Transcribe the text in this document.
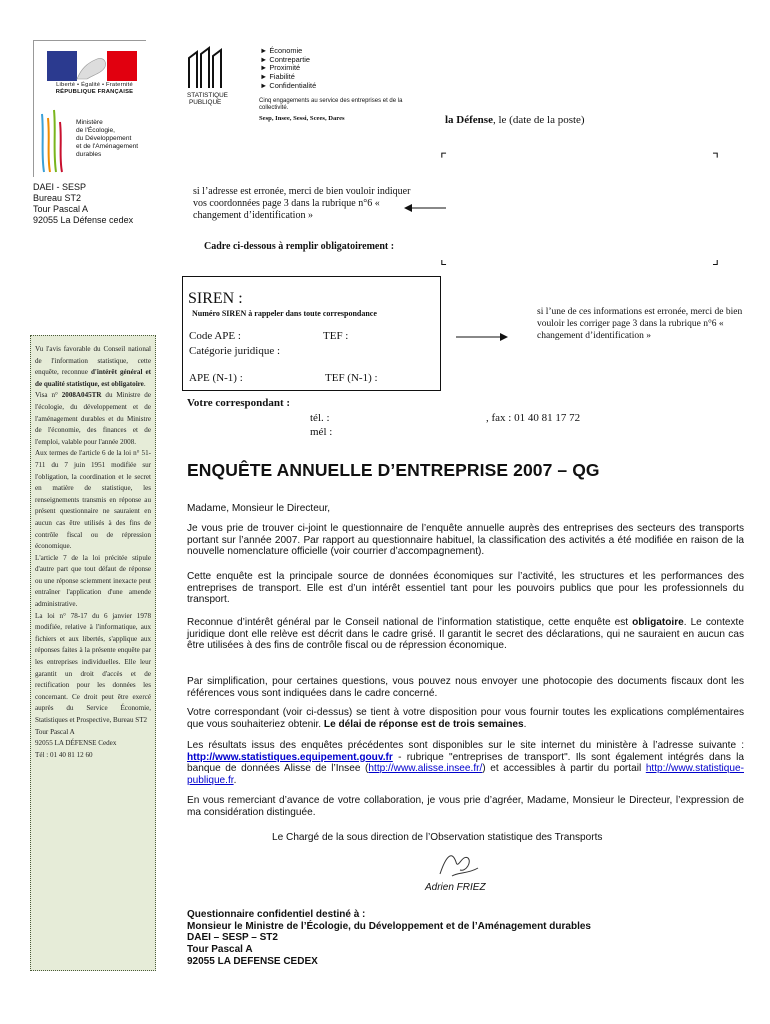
Liberté • Égalité • Fraternité
RÉPUBLIQUE FRANÇAISE
Ministère
de l'Écologie,
du Développement
et de l'Aménagement
durables
DAEI - SESP
Bureau ST2
Tour Pascal A
92055 La Défense cedex
STATISTIQUE
PUBLIQUE
► Économie
► Contrepartie
► Proximité
► Fiabilité
► Confidentialité
Cinq engagements au service des entreprises et de la collectivité.
Sesp, Insee, Sessi, Scees, Dares	la Défense, le (date de la poste)
⌜	⌝
⌞	⌟
si l’adresse est erronée, merci de bien vouloir indiquer vos coordonnées page 3 dans la rubrique n°6 « changement d’identification »
Cadre ci-dessous à remplir obligatoirement :
SIREN :
Numéro SIREN à rappeler dans toute correspondance
Code APE :	TEF :
Catégorie juridique :
APE (N-1) :	TEF (N-1) :
si l’une de ces informations est erronée, merci de bien vouloir les corriger page 3 dans la rubrique n°6 « changement d’identification »
Votre correspondant :
tél. :
mél :
, fax : 01 40 81 17 72

Vu l'avis favorable du Conseil national de l'information statistique, cette enquête, reconnue d'intérêt général et de qualité statistique, est obligatoire.

Visa n° 2008A045TR du Ministre de l'écologie, du développement et de l'aménagement durables et du Ministre de l'économie, des finances et de l'emploi, valable pour l'année 2008.

Aux termes de l'article 6 de la loi n° 51-711 du 7 juin 1951 modifiée sur l'obligation, la coordination et le secret en matière de statistique, les renseignements transmis en réponse au présent questionnaire ne sauraient en aucun cas être utilisés à des fins de contrôle fiscal ou de répression économique.

L'article 7 de la loi précitée stipule d'autre part que tout défaut de réponse ou une réponse sciemment inexacte peut entraîner l'application d'une amende administrative.

La loi n° 78-17 du 6 janvier 1978 modifiée, relative à l'informatique, aux fichiers et aux libertés, s'applique aux réponses faites à la présente enquête par les entreprises individuelles. Elle leur garantit un droit d'accès et de rectification pour les données les concernant. Ce droit peut être exercé auprès du Service Économie, Statistiques et Prospective, Bureau ST2

Tour Pascal A

92055 LA DÉFENSE Cedex

Tél : 01 40 81 12 60

ENQUÊTE ANNUELLE D’ENTREPRISE 2007 – QG
Madame, Monsieur le Directeur,

Je vous prie de trouver ci-joint le questionnaire de l’enquête annuelle auprès des entreprises des secteurs des transports portant sur l’année 2007. Par rapport au questionnaire habituel, la classification des activités a été modifiée en raison de la nouvelle nomenclature officielle (voir courrier d’accompagnement).

Cette enquête est la principale source de données économiques sur l’activité, les structures et les performances des entreprises de transport. Elle est d’un intérêt essentiel tant pour les pouvoirs publics que pour les professionnels du transport.

Reconnue d’intérêt général par le Conseil national de l’information statistique, cette enquête est obligatoire. Le contexte juridique dont elle relève est décrit dans le cadre grisé. Il garantit le secret des déclarations, qui ne sauraient en aucun cas être utilisées à des fins de contrôle fiscal ou de répression économique.

Par simplification, pour certaines questions, vous pouvez nous envoyer une photocopie des documents fiscaux dont les références vous sont indiquées dans le cadre concerné.

Votre correspondant (voir ci-dessus) se tient à votre disposition pour vous fournir toutes les explications complémentaires que vous souhaiteriez obtenir. Le délai de réponse est de trois semaines.

Les résultats issus des enquêtes précédentes sont disponibles sur le site internet du ministère à l’adresse suivante : http://www.statistiques.equipement.gouv.fr - rubrique "entreprises de transport". Ils sont également intégrés dans la banque de données Alisse de l’Insee (http://www.alisse.insee.fr/) et accessibles à partir du portail http://www.statistique-publique.fr.

En vous remerciant d’avance de votre collaboration, je vous prie d’agréer, Madame, Monsieur le Directeur, l’expression de ma considération distinguée.

Le Chargé de la sous direction de l’Observation statistique des Transports
Adrien FRIEZ
Questionnaire confidentiel destiné à :
Monsieur le Ministre de l’Écologie, du Développement et de l’Aménagement durables
DAEI – SESP – ST2
Tour Pascal A
92055 LA DEFENSE CEDEX
